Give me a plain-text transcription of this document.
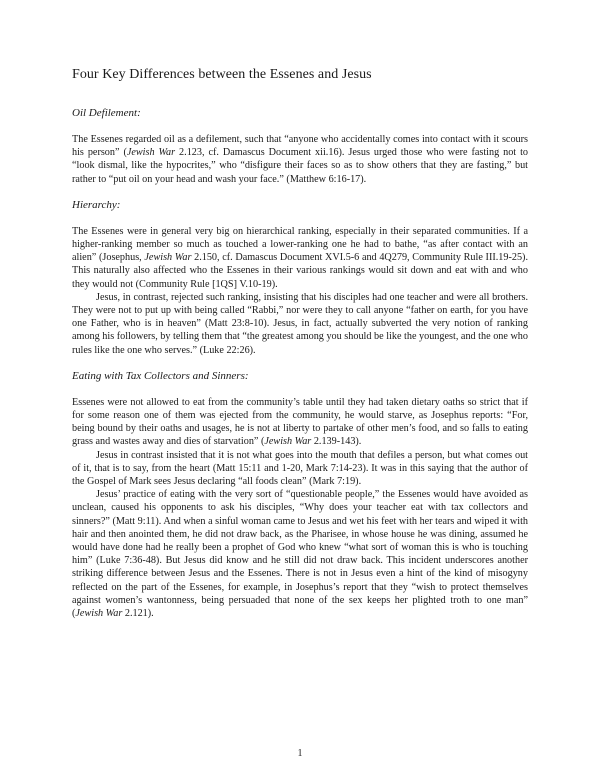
Four Key Differences between the Essenes and Jesus
Oil Defilement:

The Essenes regarded oil as a defilement, such that “anyone who accidentally comes into contact with it scours his person” (Jewish War 2.123, cf. Damascus Document xii.16). Jesus urged those who were fasting not to “look dismal, like the hypocrites,” who “disfigure their faces so as to show others that they are fasting,” but rather to “put oil on your head and wash your face.” (Matthew 6:16-17).

Hierarchy:

The Essenes were in general very big on hierarchical ranking, especially in their separated communities. If a higher-ranking member so much as touched a lower-ranking one he had to bathe, “as after contact with an alien” (Josephus, Jewish War 2.150, cf. Damascus Document XVI.5-6 and 4Q279, Community Rule III.19-25). This naturally also affected who the Essenes in their various rankings would sit down and eat with and who they would not (Community Rule [1QS] V.10-19).

Jesus, in contrast, rejected such ranking, insisting that his disciples had one teacher and were all brothers. They were not to put up with being called “Rabbi,” nor were they to call anyone “father on earth, for you have one Father, who is in heaven” (Matt 23:8-10). Jesus, in fact, actually subverted the very notion of ranking among his followers, by telling them that “the greatest among you should be like the youngest, and the one who rules like the one who serves.” (Luke 22:26).

Eating with Tax Collectors and Sinners:

Essenes were not allowed to eat from the community’s table until they had taken dietary oaths so strict that if for some reason one of them was ejected from the community, he would starve, as Josephus reports: “For, being bound by their oaths and usages, he is not at liberty to partake of other men’s food, and so falls to eating grass and wastes away and dies of starvation” (Jewish War 2.139-143).

Jesus in contrast insisted that it is not what goes into the mouth that defiles a person, but what comes out of it, that is to say, from the heart (Matt 15:11 and 1-20, Mark 7:14-23). It was in this saying that the author of the Gospel of Mark sees Jesus declaring “all foods clean” (Mark 7:19).

Jesus’ practice of eating with the very sort of “questionable people,” the Essenes would have avoided as unclean, caused his opponents to ask his disciples, “Why does your teacher eat with tax collectors and sinners?” (Matt 9:11). And when a sinful woman came to Jesus and wet his feet with her tears and wiped it with hair and then anointed them, he did not draw back, as the Pharisee, in whose house he was dining, assumed he would have done had he really been a prophet of God who knew “what sort of woman this is who is touching him” (Luke 7:36-48). But Jesus did know and he still did not draw back. This incident underscores another striking difference between Jesus and the Essenes. There is not in Jesus even a hint of the kind of misogyny reflected on the part of the Essenes, for example, in Josephus’s report that they “wish to protect themselves against women’s wantonness, being persuaded that none of the sex keeps her plighted troth to one man” (Jewish War 2.121).

1
